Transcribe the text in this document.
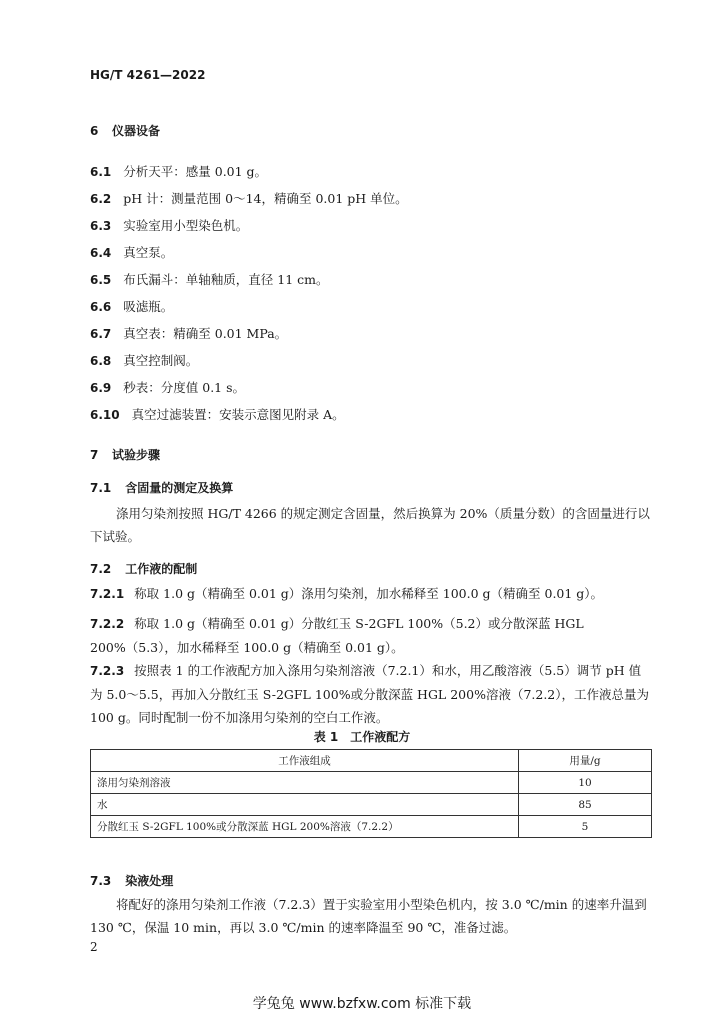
HG/T 4261—2022
6 仪器设备
6.1 分析天平：感量 0.01 g。
6.2 pH 计：测量范围 0～14，精确至 0.01 pH 单位。
6.3 实验室用小型染色机。
6.4 真空泵。
6.5 布氏漏斗：单轴釉质，直径 11 cm。
6.6 吸滤瓶。
6.7 真空表：精确至 0.01 MPa。
6.8 真空控制阀。
6.9 秒表：分度值 0.1 s。
6.10 真空过滤装置：安装示意图见附录 A。
7 试验步骤
7.1 含固量的测定及换算
涤用匀染剂按照 HG/T 4266 的规定测定含固量，然后换算为 20%（质量分数）的含固量进行以下试验。
7.2 工作液的配制
7.2.1 称取 1.0 g（精确至 0.01 g）涤用匀染剂，加水稀释至 100.0 g（精确至 0.01 g）。
7.2.2 称取 1.0 g（精确至 0.01 g）分散红玉 S-2GFL 100%（5.2）或分散深蓝 HGL 200%（5.3），加水稀释至 100.0 g（精确至 0.01 g）。
7.2.3 按照表 1 的工作液配方加入涤用匀染剂溶液（7.2.1）和水，用乙酸溶液（5.5）调节 pH 值为 5.0～5.5，再加入分散红玉 S-2GFL 100%或分散深蓝 HGL 200%溶液（7.2.2），工作液总量为 100 g。同时配制一份不加涤用匀染剂的空白工作液。
表 1　工作液配方
工作液组成	用量/g
涤用匀染剂溶液	10
水	85
分散红玉 S-2GFL 100%或分散深蓝 HGL 200%溶液（7.2.2）	5
7.3 染液处理
将配好的涤用匀染剂工作液（7.2.3）置于实验室用小型染色机内，按 3.0 ℃/min 的速率升温到 130 ℃，保温 10 min，再以 3.0 ℃/min 的速率降温至 90 ℃，准备过滤。
2
学兔兔 www.bzfxw.com 标准下载
